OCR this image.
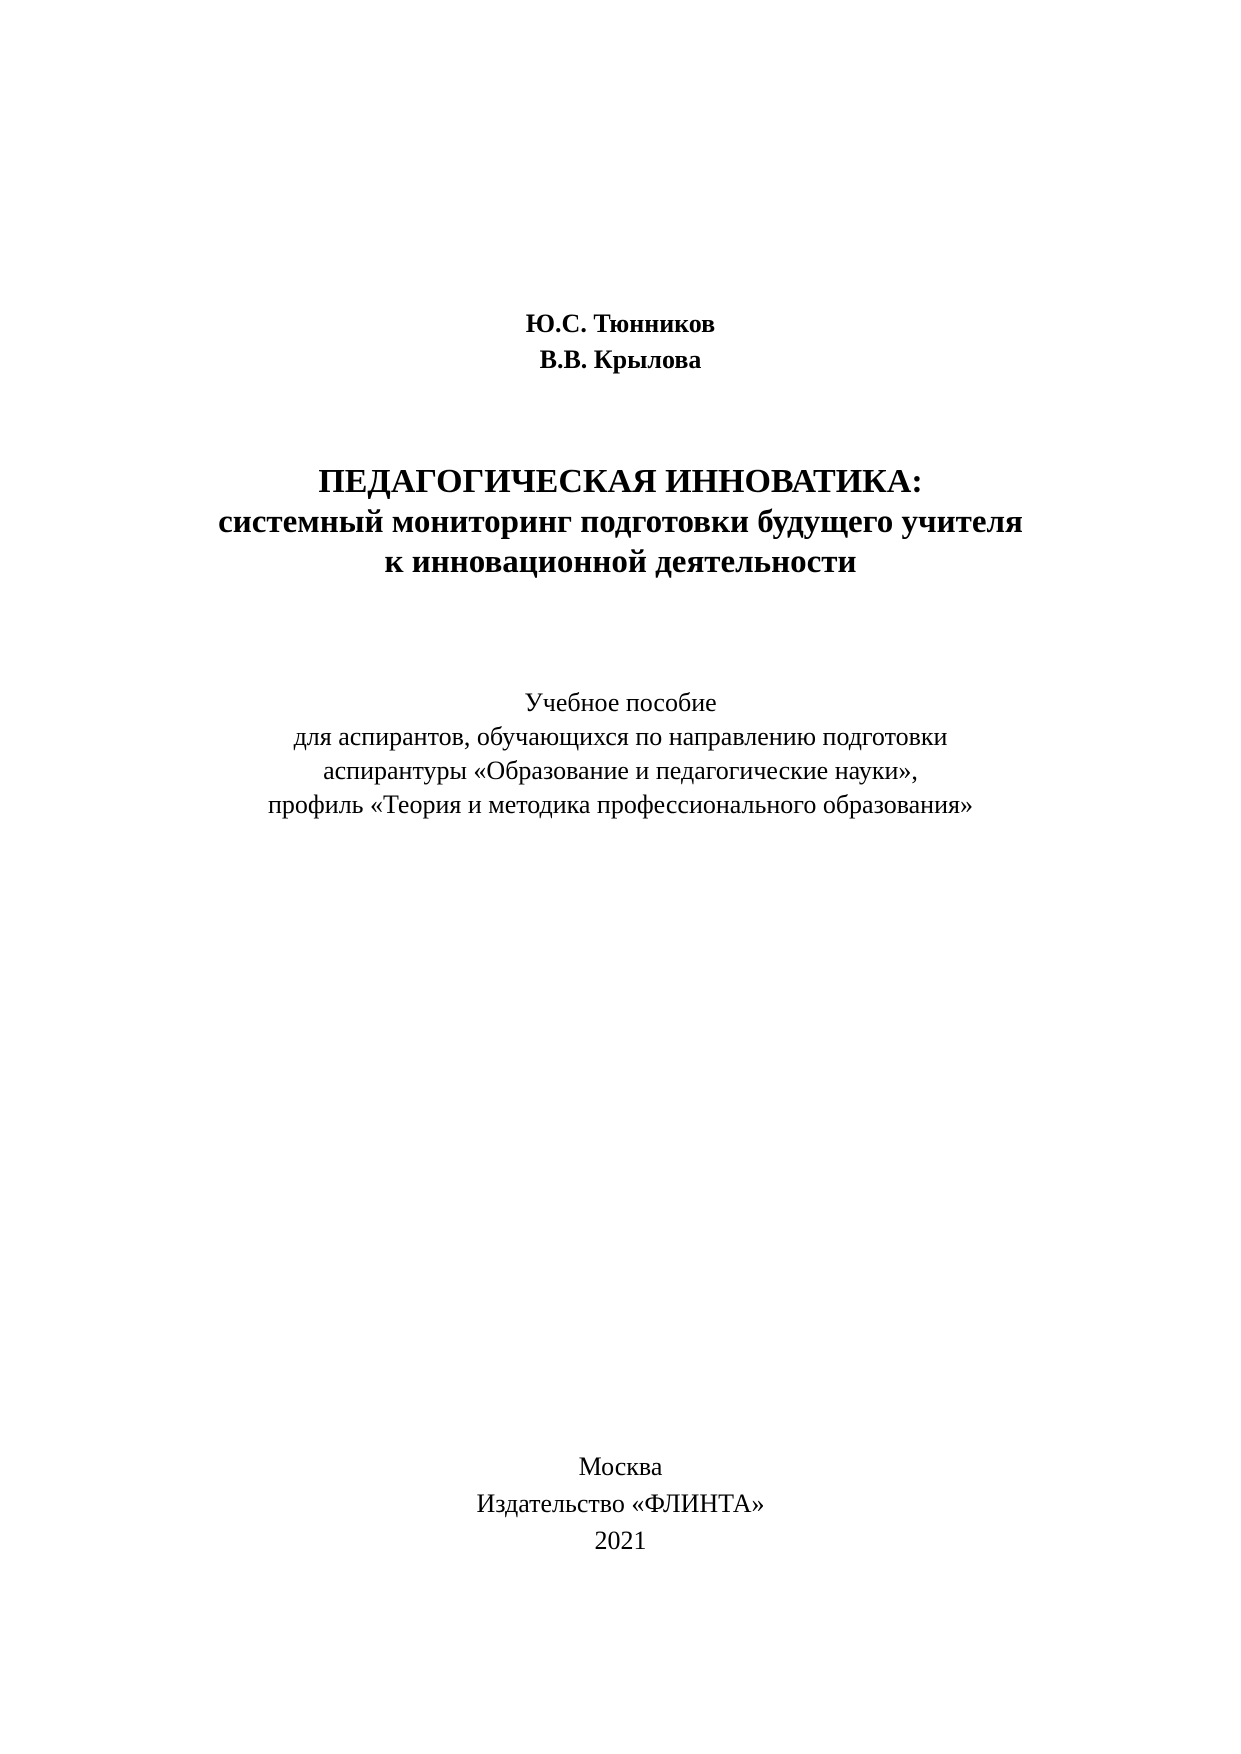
Ю.С. Тюнников
В.В. Крылова
ПЕДАГОГИЧЕСКАЯ ИННОВАТИКА:
системный мониторинг подготовки будущего учителя
к инновационной деятельности
Учебное пособие
для аспирантов, обучающихся по направлению подготовки
аспирантуры «Образование и педагогические науки»,
профиль «Теория и методика профессионального образования»
Москва
Издательство «ФЛИНТА»
2021
